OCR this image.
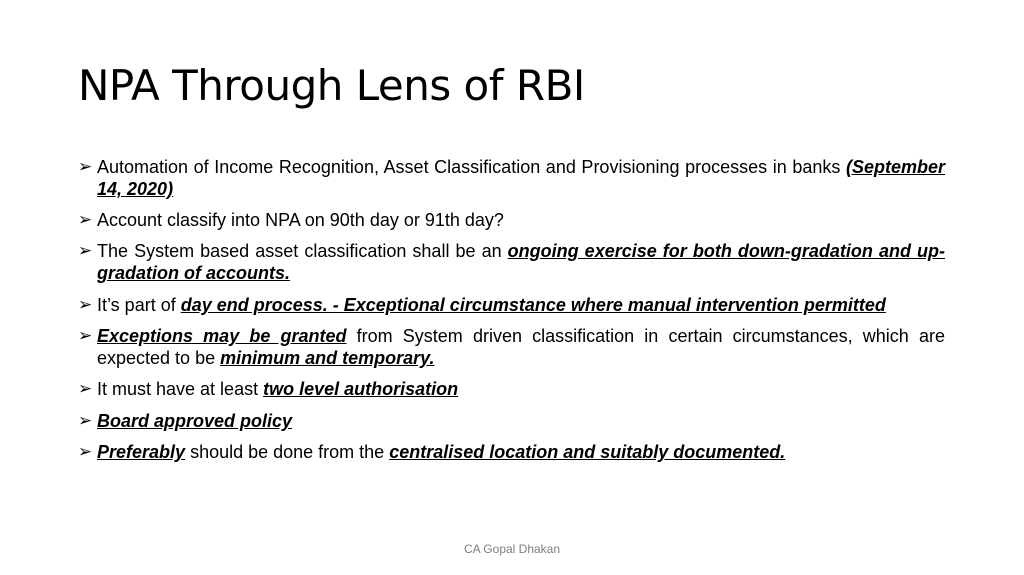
NPA Through Lens of RBI
➢ Automation of Income Recognition, Asset Classification and Provisioning processes in banks (September 14, 2020)
➢ Account classify into NPA on 90th day or 91th day?
➢ The System based asset classification shall be an ongoing exercise for both down-gradation and up-gradation of accounts.
➢ It’s part of day end process. - Exceptional circumstance where manual intervention permitted
➢ Exceptions may be granted from System driven classification in certain circumstances, which are expected to be minimum and temporary.
➢ It must have at least two level authorisation
➢ Board approved policy
➢ Preferably should be done from the centralised location and suitably documented.
CA Gopal Dhakan
